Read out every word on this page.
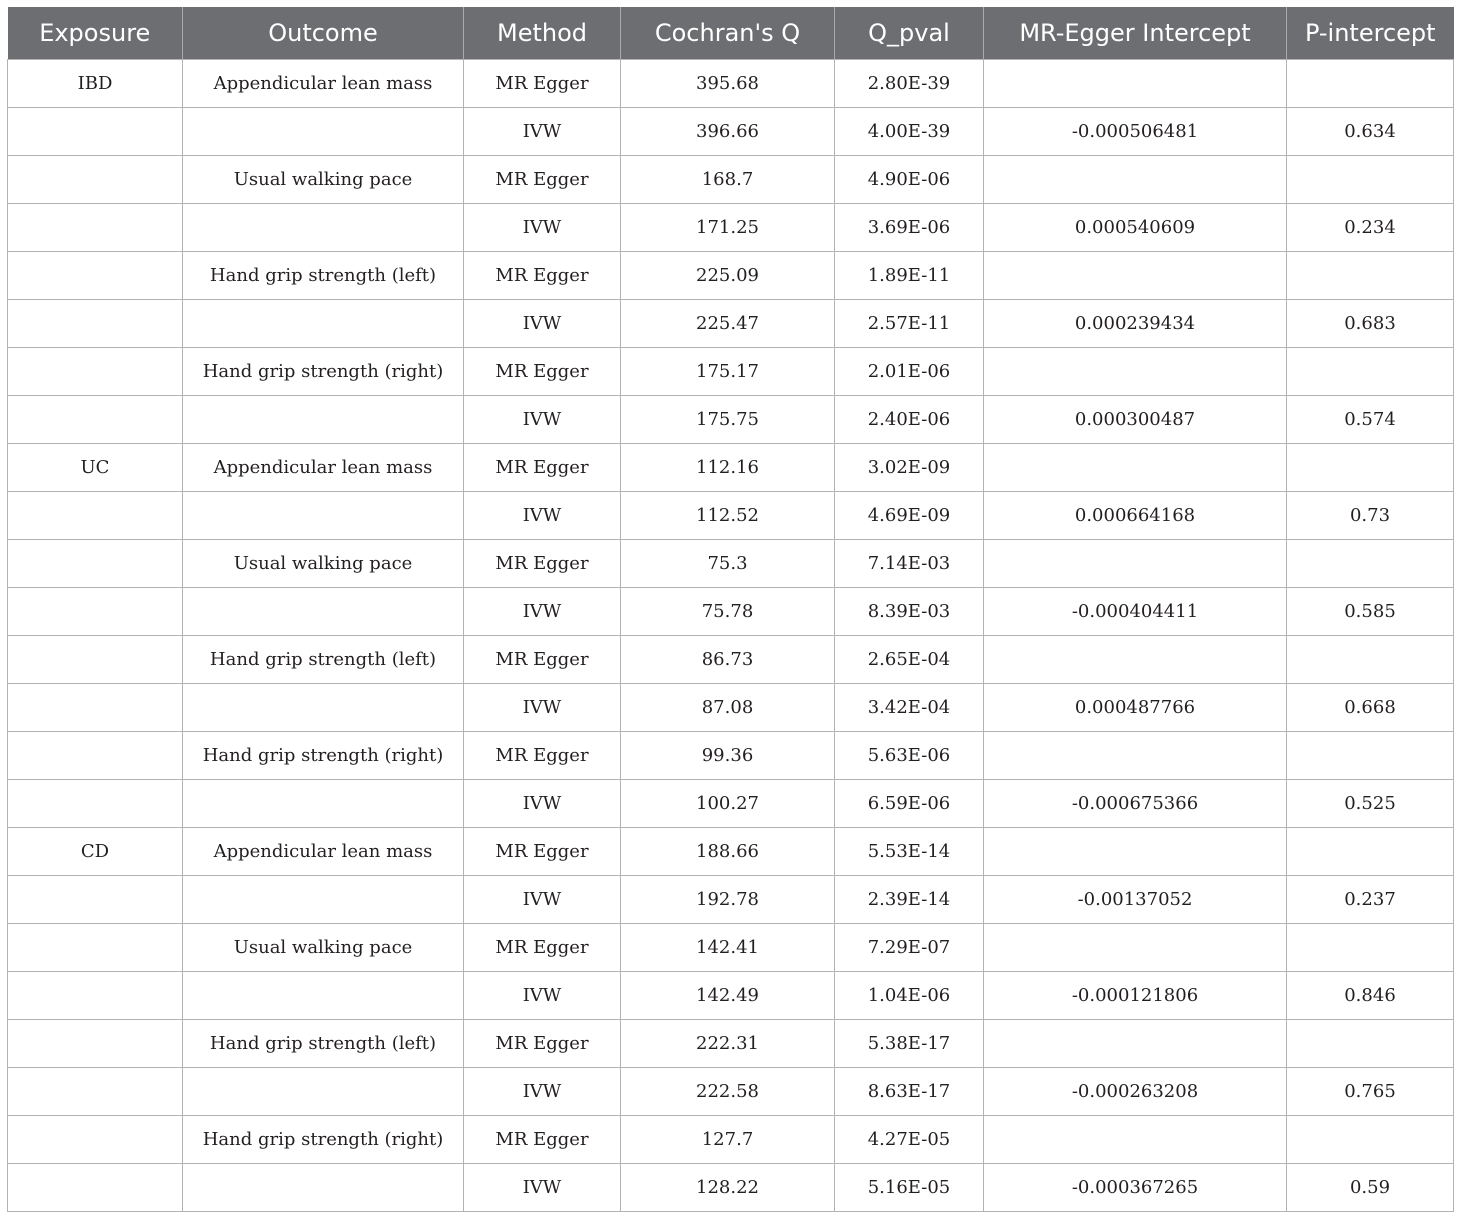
Exposure	Outcome	Method	Cochran's Q	Q_pval	MR-Egger Intercept	P-intercept
IBD	Appendicular lean mass	MR Egger	395.68	2.80E-39		
		IVW	396.66	4.00E-39	-0.000506481	0.634
	Usual walking pace	MR Egger	168.7	4.90E-06		
		IVW	171.25	3.69E-06	0.000540609	0.234
	Hand grip strength (left)	MR Egger	225.09	1.89E-11		
		IVW	225.47	2.57E-11	0.000239434	0.683
	Hand grip strength (right)	MR Egger	175.17	2.01E-06		
		IVW	175.75	2.40E-06	0.000300487	0.574
UC	Appendicular lean mass	MR Egger	112.16	3.02E-09		
		IVW	112.52	4.69E-09	0.000664168	0.73
	Usual walking pace	MR Egger	75.3	7.14E-03		
		IVW	75.78	8.39E-03	-0.000404411	0.585
	Hand grip strength (left)	MR Egger	86.73	2.65E-04		
		IVW	87.08	3.42E-04	0.000487766	0.668
	Hand grip strength (right)	MR Egger	99.36	5.63E-06		
		IVW	100.27	6.59E-06	-0.000675366	0.525
CD	Appendicular lean mass	MR Egger	188.66	5.53E-14		
		IVW	192.78	2.39E-14	-0.00137052	0.237
	Usual walking pace	MR Egger	142.41	7.29E-07		
		IVW	142.49	1.04E-06	-0.000121806	0.846
	Hand grip strength (left)	MR Egger	222.31	5.38E-17		
		IVW	222.58	8.63E-17	-0.000263208	0.765
	Hand grip strength (right)	MR Egger	127.7	4.27E-05		
		IVW	128.22	5.16E-05	-0.000367265	0.59
